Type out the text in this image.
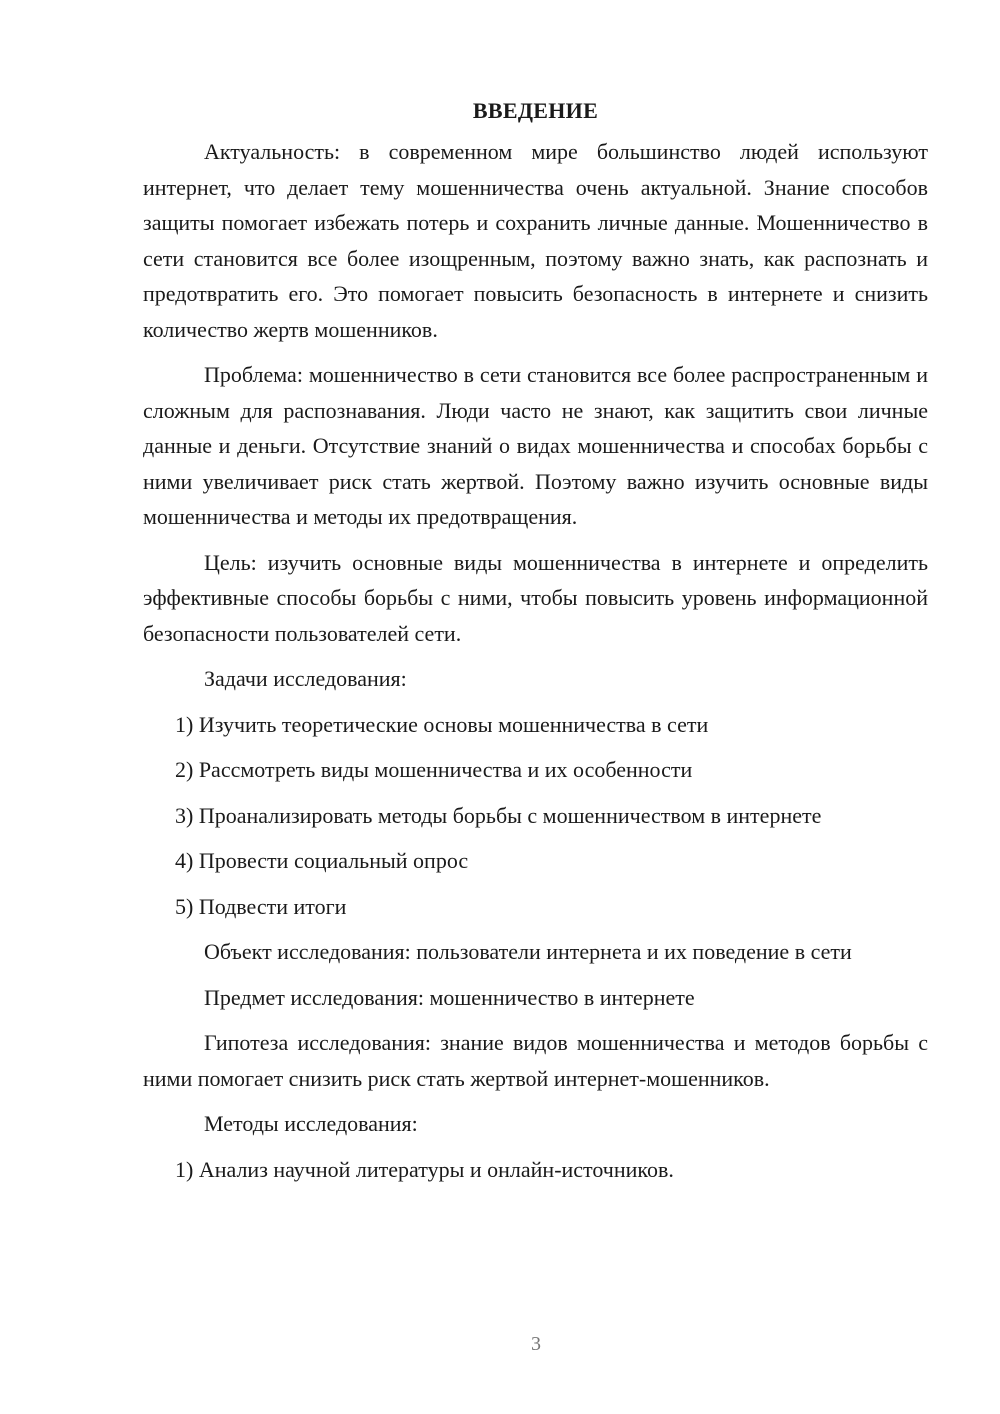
ВВЕДЕНИЕ

Актуальность: в современном мире большинство людей используют интернет, что делает тему мошенничества очень актуальной. Знание способов защиты помогает избежать потерь и сохранить личные данные. Мошенничество в сети становится все более изощренным, поэтому важно знать, как распознать и предотвратить его. Это помогает повысить безопасность в интернете и снизить количество жертв мошенников.

Проблема: мошенничество в сети становится все более распространенным и сложным для распознавания. Люди часто не знают, как защитить свои личные данные и деньги. Отсутствие знаний о видах мошенничества и способах борьбы с ними увеличивает риск стать жертвой. Поэтому важно изучить основные виды мошенничества и методы их предотвращения.

Цель: изучить основные виды мошенничества в интернете и определить эффективные способы борьбы с ними, чтобы повысить уровень информационной безопасности пользователей сети.

Задачи исследования:

1) Изучить теоретические основы мошенничества в сети

2) Рассмотреть виды мошенничества и их особенности

3) Проанализировать методы борьбы с мошенничеством в интернете

4) Провести социальный опрос

5) Подвести итоги

Объект исследования: пользователи интернета и их поведение в сети

Предмет исследования: мошенничество в интернете

Гипотеза исследования: знание видов мошенничества и методов борьбы с ними помогает снизить риск стать жертвой интернет-мошенников.

Методы исследования:

1) Анализ научной литературы и онлайн-источников.

3
